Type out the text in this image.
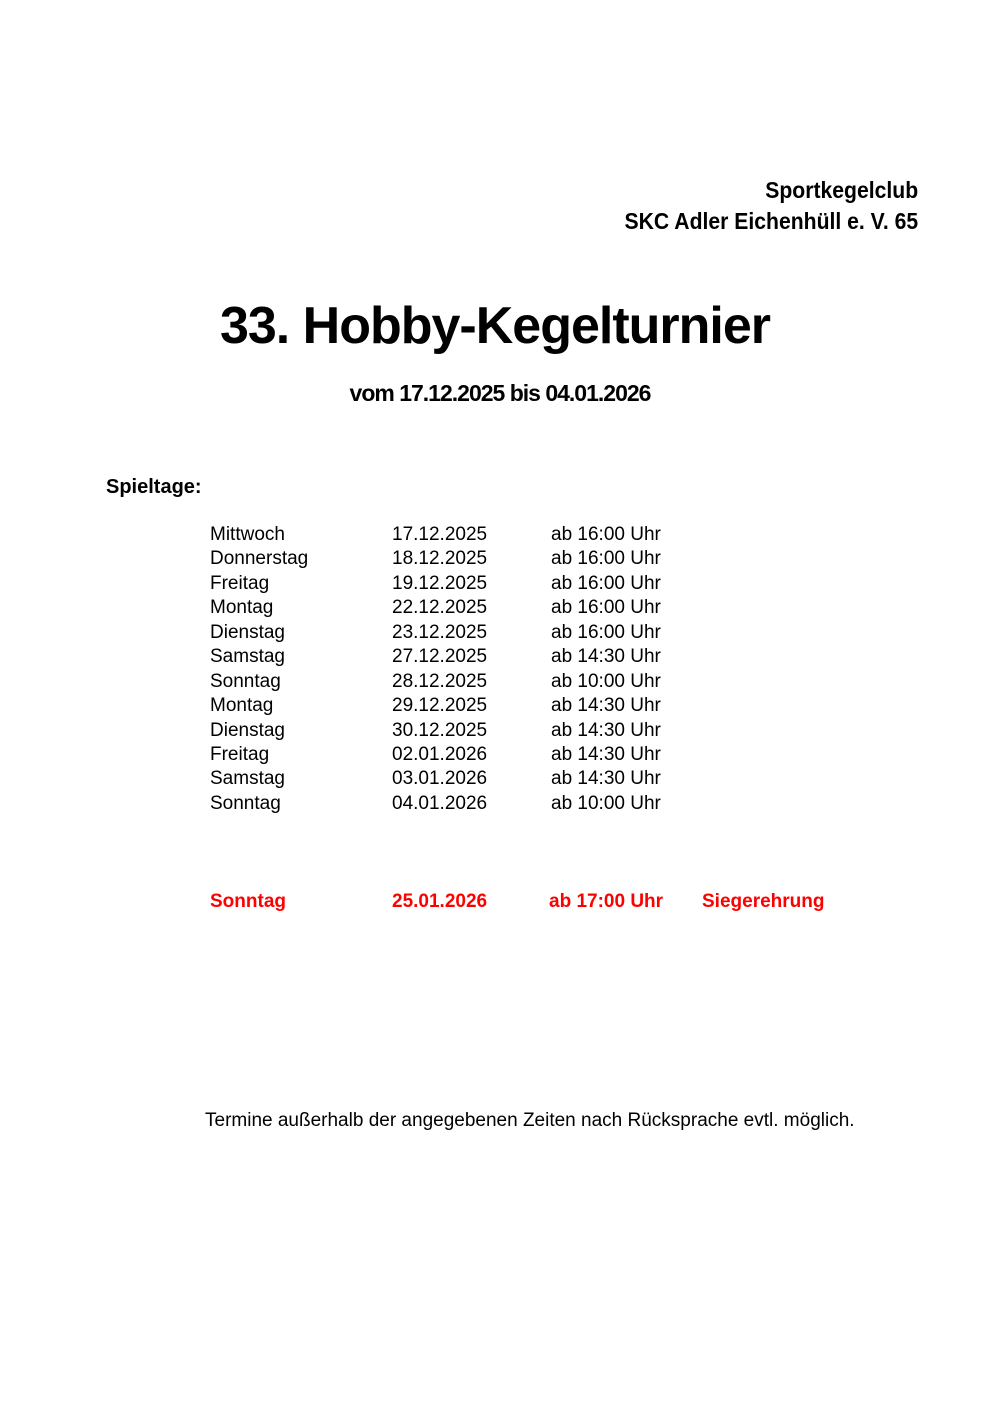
Sportkegelclub
SKC Adler Eichenhüll e. V. 65
33. Hobby-Kegelturnier
vom 17.12.2025 bis 04.01.2026
Spieltage:
Mittwoch	17.12.2025	ab 16:00 Uhr
Donnerstag	18.12.2025	ab 16:00 Uhr
Freitag	19.12.2025	ab 16:00 Uhr
Montag	22.12.2025	ab 16:00 Uhr
Dienstag	23.12.2025	ab 16:00 Uhr
Samstag	27.12.2025	ab 14:30 Uhr
Sonntag	28.12.2025	ab 10:00 Uhr
Montag	29.12.2025	ab 14:30 Uhr
Dienstag	30.12.2025	ab 14:30 Uhr
Freitag	02.01.2026	ab 14:30 Uhr
Samstag	03.01.2026	ab 14:30 Uhr
Sonntag	04.01.2026	ab 10:00 Uhr
Sonntag	25.01.2026	ab 17:00 Uhr Siegerehrung
Termine außerhalb der angegebenen Zeiten nach Rücksprache evtl. möglich.
